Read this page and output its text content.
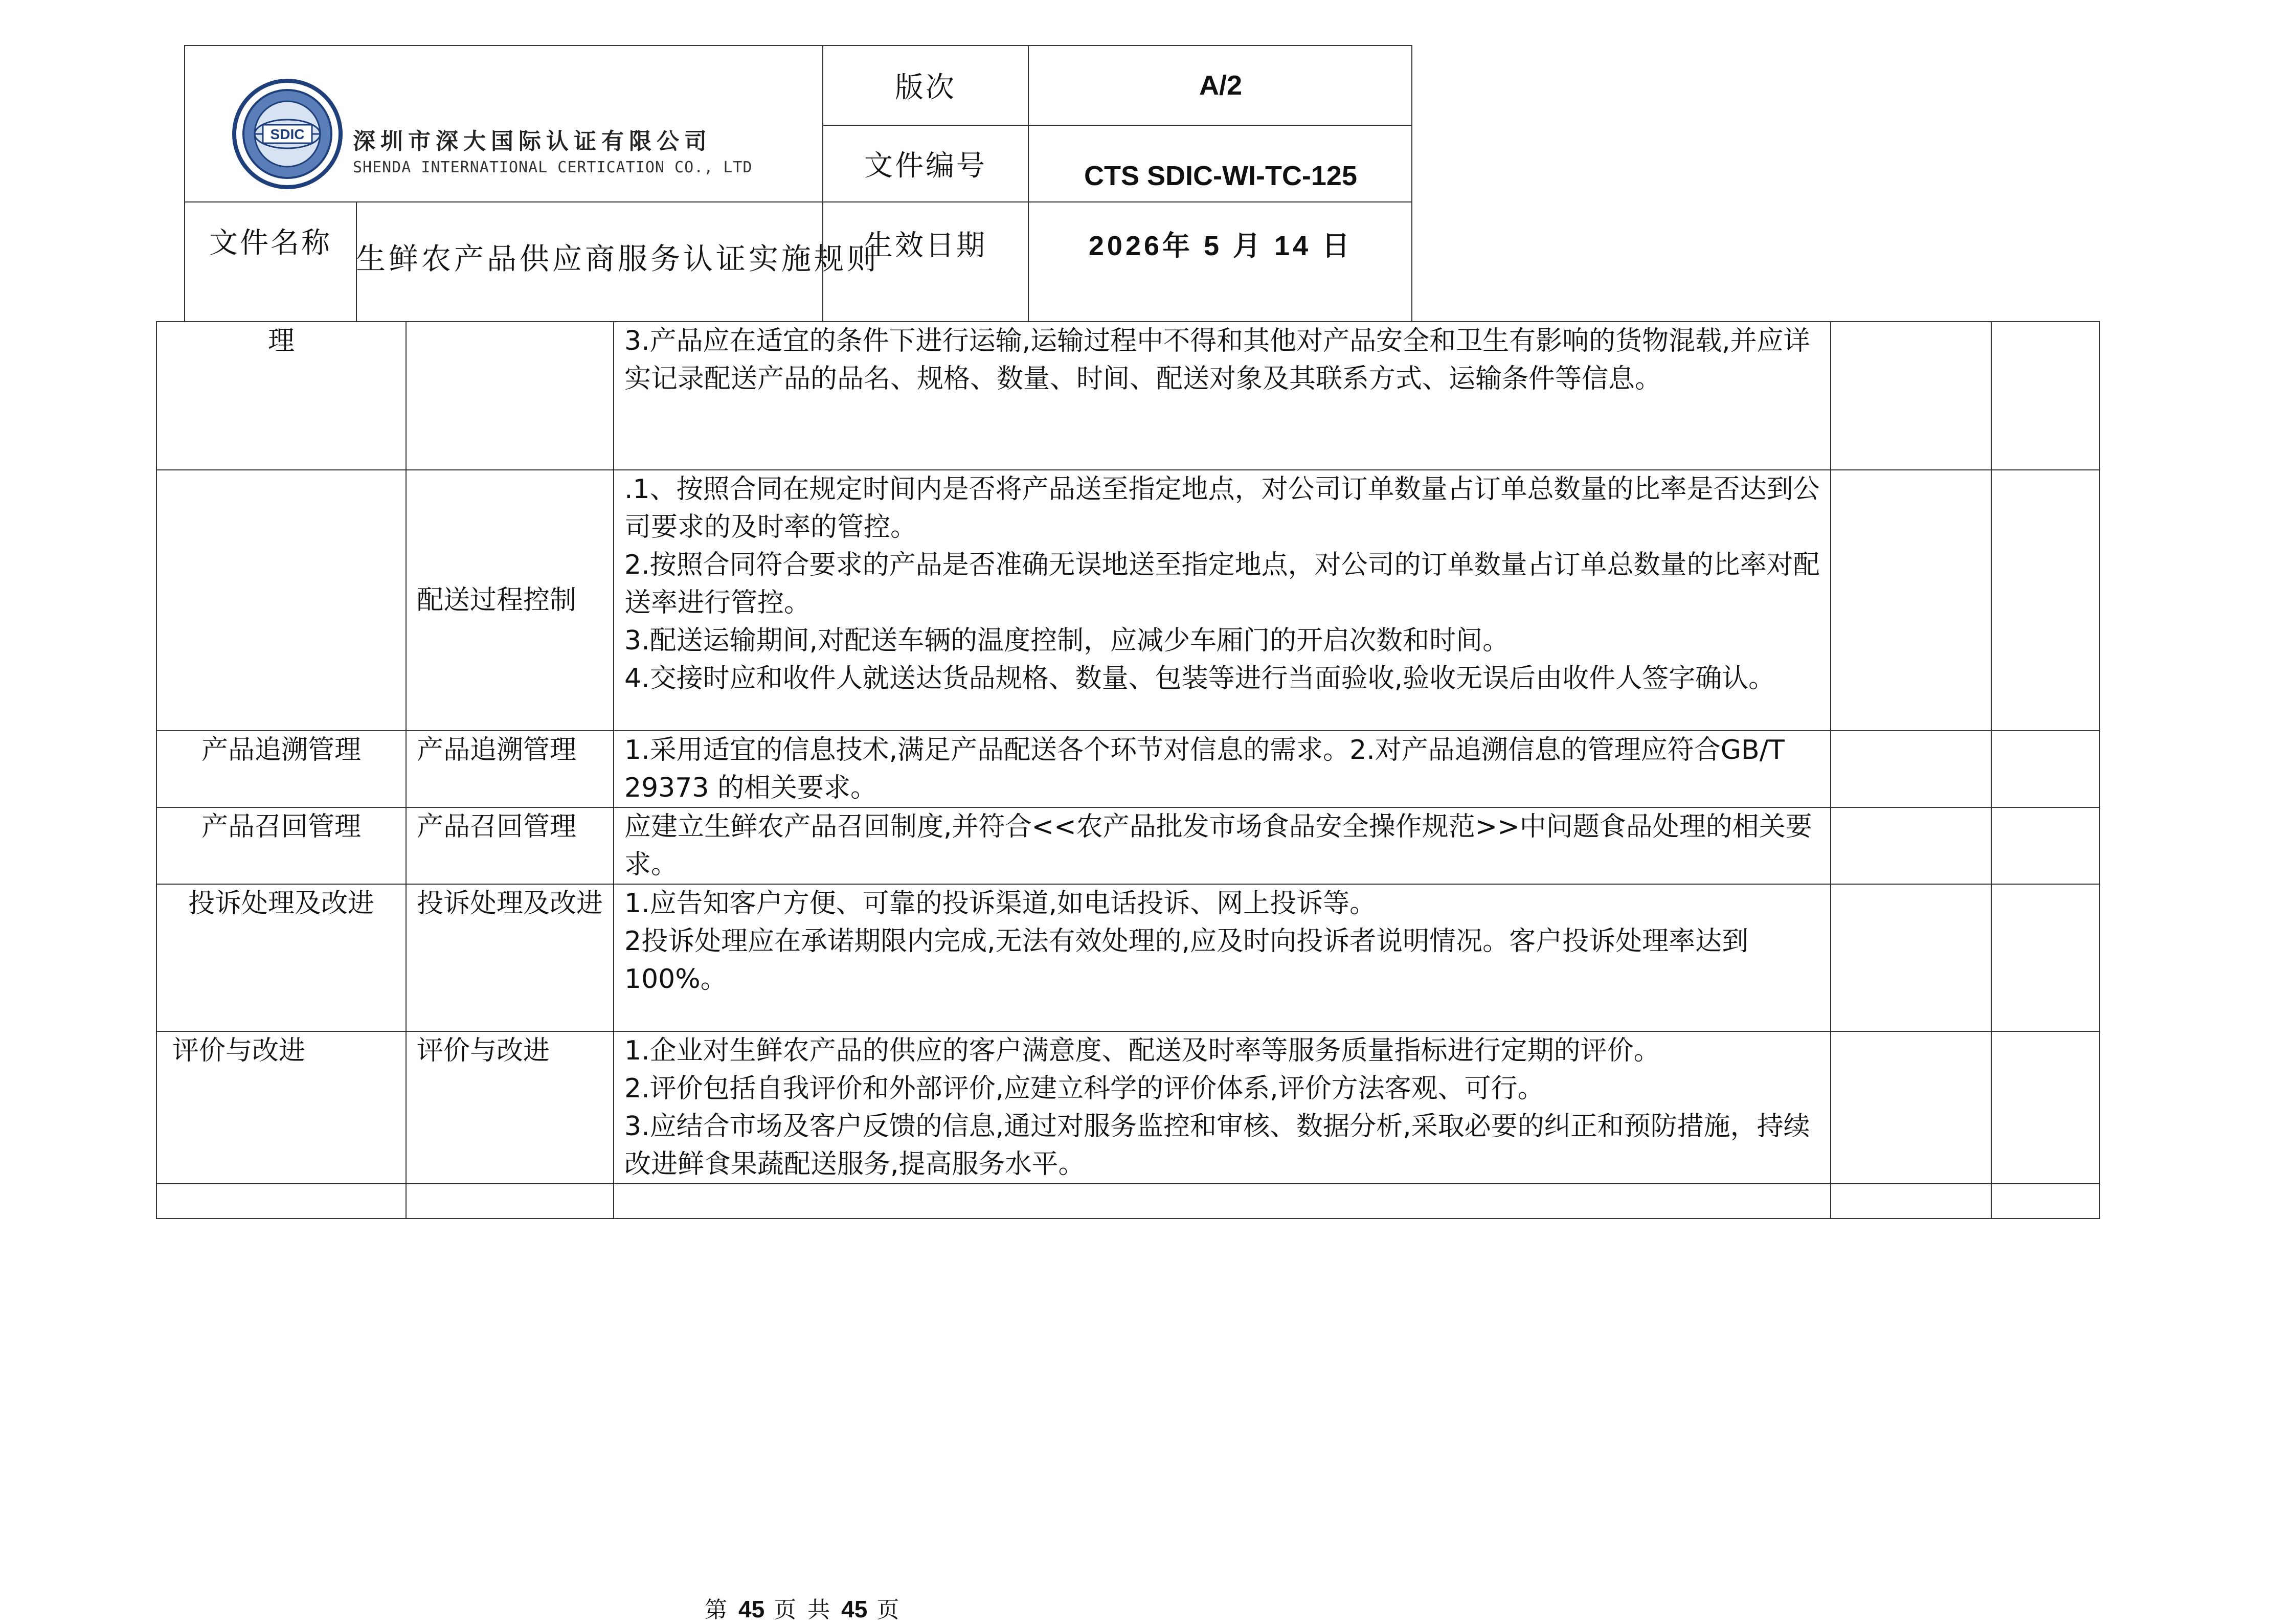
SDIC 深圳市深大国际认证有限公司
SHENDA INTERNATIONAL CERTICATION CO., LTD
版次	A/2
文件编号	CTS SDIC-WI-TC-125
文件名称 生鲜农产品供应商服务认证实施规则
生效日期	2026年 5 月 14 日
理		3.产品应在适宜的条件下进行运输,运输过程中不得和其他对产品安全和卫生有影响的货物混载,并应详实记录配送产品的品名、规格、数量、时间、配送对象及其联系方式、运输条件等信息。		

	配送过程控制	.1、按照合同在规定时间内是否将产品送至指定地点，对公司订单数量占订单总数量的比率是否达到公司要求的及时率的管控。

2.按照合同符合要求的产品是否准确无误地送至指定地点，对公司的订单数量占订单总数量的比率对配送率进行管控。

3.配送运输期间,对配送车辆的温度控制，应减少车厢门的开启次数和时间。

4.交接时应和收件人就送达货品规格、数量、包装等进行当面验收,验收无误后由收件人签字确认。		

产品追溯管理	产品追溯管理	1.采用适宜的信息技术,满足产品配送各个环节对信息的需求。2.对产品追溯信息的管理应符合GB/T 29373 的相关要求。		

产品召回管理	产品召回管理	应建立生鲜农产品召回制度,并符合<<农产品批发市场食品安全操作规范>>中问题食品处理的相关要求。		

投诉处理及改进	投诉处理及改进	1.应告知客户方便、可靠的投诉渠道,如电话投诉、网上投诉等。

2投诉处理应在承诺期限内完成,无法有效处理的,应及时向投诉者说明情况。客户投诉处理率达到 100%。		

评价与改进	评价与改进	1.企业对生鲜农产品的供应的客户满意度、配送及时率等服务质量指标进行定期的评价。

2.评价包括自我评价和外部评价,应建立科学的评价体系,评价方法客观、可行。

3.应结合市场及客户反馈的信息,通过对服务监控和审核、数据分析,采取必要的纠正和预防措施，持续改进鲜食果蔬配送服务,提高服务水平。		

第 45 页 共 45 页
